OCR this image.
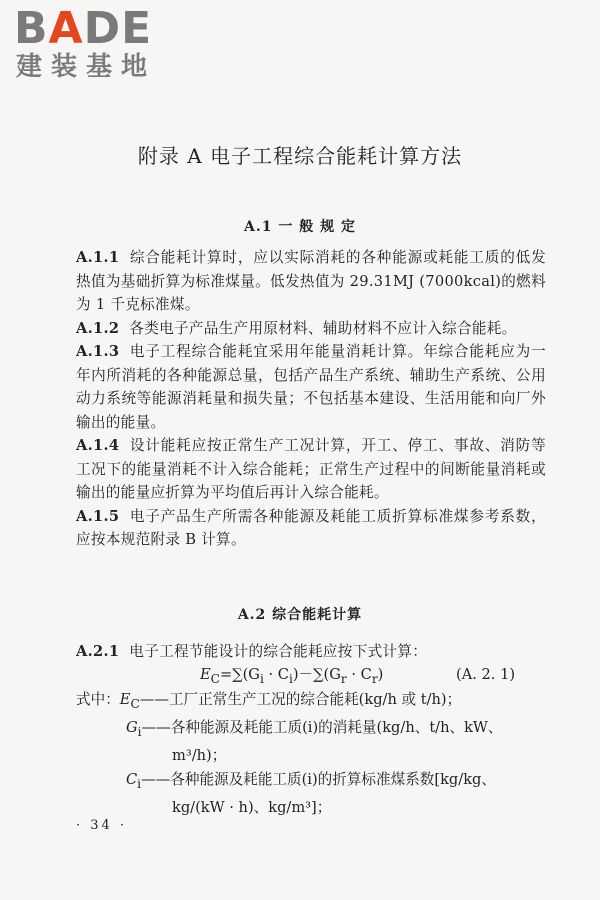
BADE
建装基地
附录 A 电子工程综合能耗计算方法
A.1 一 般 规 定

A.1.1 综合能耗计算时，应以实际消耗的各种能源或耗能工质的低发热值为基础折算为标准煤量。低发热值为 29.31MJ (7000kcal)的燃料为 1 千克标准煤。

A.1.2 各类电子产品生产用原材料、辅助材料不应计入综合能耗。

A.1.3 电子工程综合能耗宜采用年能量消耗计算。年综合能耗应为一年内所消耗的各种能源总量，包括产品生产系统、辅助生产系统、公用动力系统等能源消耗量和损失量；不包括基本建设、生活用能和向厂外输出的能量。

A.1.4 设计能耗应按正常生产工况计算，开工、停工、事故、消防等工况下的能量消耗不计入综合能耗；正常生产过程中的间断能量消耗或输出的能量应折算为平均值后再计入综合能耗。

A.1.5 电子产品生产所需各种能源及耗能工质折算标准煤参考系数，应按本规范附录 B 计算。

A.2 综合能耗计算

A.2.1 电子工程节能设计的综合能耗应按下式计算：

$E_C=\sum(G_i \cdot C_i)-\sum(G_r \cdot C_r)$	(A. 2. 1)
式中：$E_C——$工厂正常生产工况的综合能耗(kg/h 或 t/h)；
$G_i——$各种能源及耗能工质(i)的消耗量(kg/h、t/h、kW、
m³/h)；
$C_i——$各种能源及耗能工质(i)的折算标准煤系数[kg/kg、
kg/(kW · h)、kg/m³]；
· 34 ·
